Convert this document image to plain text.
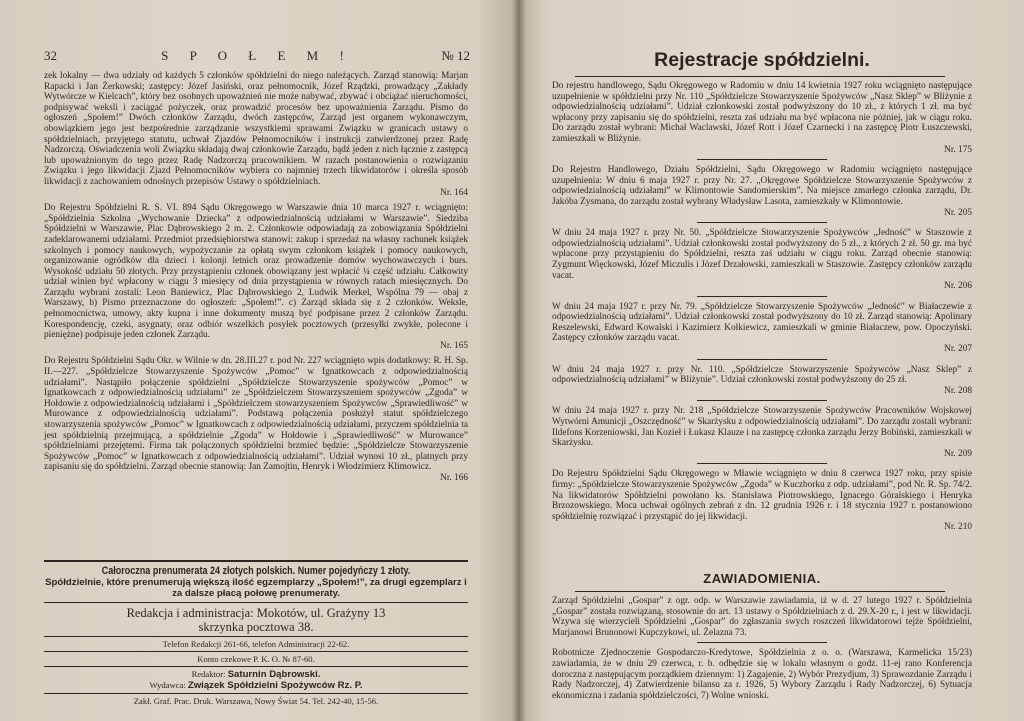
32	S P O Ł E M !	№ 12

zek lokalny — dwa udziały od każdych 5 członków spółdzielni do niego należących. Zarząd stanowią: Marjan Rapacki i Jan Żerkowski; zastępcy: Józef Jasiński, oraz pełnomocnik, Józef Rządzki, prowadzący „Zakłady Wytwórcze w Kielcach”, który bez osobnych upoważnień nie może nabywać, zbywać i obciążać nieruchomości, podpisywać weksli i zaciągać pożyczek, oraz prowadzić procesów bez upoważnienia Zarządu. Pismo do ogłoszeń „Społem!” Dwóch członków Zarządu, dwóch zastępców, Zarząd jest organem wykonawczym, obowiązkiem jego jest bezpośrednie zarządzanie wszystkiemi sprawami Związku w granicach ustawy o spółdzielniach, przyjętego statutu, uchwał Zjazdów Pełnomocników i instrukcji zatwierdzonej przez Radę Nadzorczą. Oświadczenia woli Związku składają dwaj członkowie Zarządu, bądź jeden z nich łącznie z zastępcą lub upoważnionym do tego przez Radę Nadzorczą pracownikiem. W razach postanowienia o rozwiązaniu Związku i jego likwidacji Zjazd Pełnomocników wybiera co najmniej trzech likwidatorów i określa sposób likwidacji z zachowaniem odnośnych przepisów Ustawy o spółdzielniach.

Nr. 164

Do Rejestru Spółdzielni R. S. VI. 894 Sądu Okręgowego w Warszawie dnia 10 marca 1927 r. wciągnięto: „Spółdzielnia Szkolna „Wychowanie Dziecka” z odpowiedzialnością udziałami w Warszawie”. Siedziba Spółdzielni w Warszawie, Plac Dąbrowskiego 2 m. 2. Członkowie odpowiadają za zobowiązania Spółdzielni zadeklarowanemi udziałami. Przedmiot przedsiębiorstwa stanowi: zakup i sprzedaż na własny rachunek książek szkolnych i pomocy naukowych, wypożyczanie za opłatą swym członkom książek i pomocy naukowych, organizowanie ogródków dla dzieci i kolonji letnich oraz prowadzenie domów wychowawczych i burs. Wysokość udziału 50 złotych. Przy przystąpieniu członek obowiązany jest wpłacić ¼ część udziału. Całkowity udział winien być wpłacony w ciągu 3 miesięcy od dnia przystąpienia w równych ratach miesięcznych. Do Zarządu wybrani zostali: Leon Baniewicz, Plac Dąbrowskiego 2, Ludwik Merkel, Wspólna 79 — obaj z Warszawy, b) Pismo przeznaczone do ogłoszeń: „Społem!”. c) Zarząd składa się z 2 członków. Weksle, pełnomocnictwa, umowy, akty kupna i inne dokumenty muszą być podpisane przez 2 członków Zarządu. Korespondencję, czeki, asygnaty, oraz odbiór wszelkich posyłek pocztowych (przesyłki zwykłe, polecone i pieniężne) podpisuje jeden członek Zarządu.

Nr. 165

Do Rejestru Spółdzielni Sądu Okr. w Wilnie w dn. 28.III.27 r. pod Nr. 227 wciągnięto wpis dodatkowy: R. H. Sp. II.—227. „Spółdzielcze Stowarzyszenie Spożywców „Pomoc” w Ignatkowcach z odpowiedzialnością udziałami”. Nastąpiło połączenie spółdzielni „Spółdzielcze Stowarzyszenie spożywców „Pomoc” w Ignatkowcach z odpowiedzialnością udziałami” ze „Spółdzielczem Stowarzyszeniem spożywców „Zgoda” w Hołdowie z odpowiedzialnością udziałami i „Spółdzielczem stowarzyszeniem Spożywców „Sprawiedliwość” w Murowance z odpowiedzialnością udziałami”. Podstawą połączenia posłużył statut spółdzielczego stowarzyszenia spożywców „Pomoc” w Ignatkowcach z odpowiedzialnością udziałami, przyczem spółdzielnia ta jest spółdzielnią przejmującą, a spółdzielnie „Zgoda” w Hołdowie i „Sprawiedliwość” w Murowance” spółdzielniami przejętemi. Firma tak połączonych spółdzielni brzmieć będzie: „Spółdzielcze Stowarzyszenie Spożywców „Pomoc” w Ignatkowcach z odpowiedzialnością udziałami”. Udział wynosi 10 zł., platnych przy zapisaniu się do spółdzielni. Zarząd obecnie stanowią: Jan Zamojtin, Henryk i Włodzimierz Klimowicz.

Nr. 166
Całoroczna prenumerata 24 złotych polskich. Numer pojedyńczy 1 złoty.
Spółdzielnie, które prenumerują większą ilość egzemplarzy „Społem!”, za drugi egzemplarz i za dalsze płacą połowę prenumeraty.
Redakcja i administracja: Mokotów, ul. Grażyny 13
skrzynka pocztowa 38.
Telefon Redakcji 261-66, telefon Administracji 22-62.
Konto czekowe P. K. O. № 87-60.
Redaktor: Saturnin Dąbrowski.
Wydawca: Związek Spółdzielni Spożywców Rz. P.
Zakł. Graf. Prac. Druk. Warszawa, Nowy Świat 54. Tel. 242-40, 15-56.
Rejestracje spółdzielni.

Do rejestru handlowego, Sądu Okręgowego w Radomiu w dniu 14 kwietnia 1927 roku wciągnięto następujące uzupełnienie w spółdzielni przy Nr. 110 „Spółdzielcze Stowarzyszenie Spożywców „Nasz Sklep” w Bliżynie z odpowiedzialnością udziałami”. Udział członkowski został podwyższony do 10 zł., z których 1 zł. ma być wpłacony przy zapisaniu się do spółdzielni, reszta zaś udziału ma być wpłacona nie później, jak w ciągu roku. Do zarządu został wybrani: Michał Waclawski, Józef Rott i Józef Czarnecki i na zastępcę Piotr Łuszczewski, zamieszkali w Bliżynie.

Nr. 175

Do Rejestru Handlowego, Działu Spółdzielni, Sądu Okręgowego w Radomiu wciągnięto następujące uzupełnienia: W dniu 6 maja 1927 r. przy Nr. 27. „Okręgowe Spółdzielcze Stowarzyszenie Spożywców z odpowiedzialnością udziałami” w Klimontowie Sandomierskim”. Na miejsce zmarłego członka zarządu, Dr. Jakóba Zysmana, do zarządu został wybrany Władysław Lasota, zamieszkały w Klimontowie.

Nr. 205

W dniu 24 maja 1927 r. przy Nr. 50. „Spółdzielcze Stowarzyszenie Spożywców „Jedność” w Staszowie z odpowiedzialnością udziałami”. Udział członkowski został podwyższony do 5 zł., z których 2 zł. 50 gr. ma być wpłacone przy przystąpieniu do Spółdzielni, reszta zaś udziału w ciągu roku. Zarząd obecnie stanowią: Zygmunt Więckowski, Józef Miczulis i Józef Drzałowski, zamieszkali w Staszowie. Zastępcy członków zarządu vacat.

Nr. 206

W dniu 24 maja 1927 r. przy Nr. 79. „Spółdzielcze Stowarzyszenie Spożywców „Jedność” w Białaczewie z odpowiedzialnością udziałami”. Udział członkowski został podwyższony do 10 zł. Zarząd stanowią: Apolinary Reszelewski, Edward Kowalski i Kazimierz Kołkiewicz, zamieszkali w gminie Białaczew, pow. Opoczyński. Zastępcy członków zarządu vacat.

Nr. 207

W dniu 24 maja 1927 r. przy Nr. 110. „Spółdzielcze Stowarzyszenie Spożywców „Nasz Sklep” z odpowiedzialnością udziałami” w Bliżynie”. Udział członkowski został podwyższony do 25 zł.

Nr. 208

W dniu 24 maja 1927 r. przy Nr. 218 „Spółdzielcze Stowarzyszenie Spożywców Pracowników Wojskowej Wytwórni Amunicji „Oszczędność” w Skarżysku z odpowiedzialnością udziałami”. Do zarządu zostali wybrani: Ildefons Korzeniowski, Jan Kozieł i Łukasz Klauze i na zastępcę członka zarządu Jerzy Bobiński, zamieszkali w Skarżysku.

Nr. 209

Do Rejestru Spółdzielni Sądu Okręgowego w Mławie wciągnięto w dniu 8 czerwca 1927 roku, przy spisie firmy: „Spółdzielcze Stowarzyszenie Spożywców „Zgoda” w Kuczborku z odp. udziałami”, pod Nr. R. Sp. 74/2. Na likwidatorów Spółdzielni powołano ks. Stanisława Piotrowskiego, Ignacego Góralskiego i Henryka Brzozowskiego. Moca uchwał ogólnych zebrań z dn. 12 grudnia 1926 r. i 18 stycznia 1927 r. postanowiono spółdzielnię rozwiązać i przystąpić do jej likwidacji.

Nr. 210
ZAWIADOMIENIA.

Zarząd Spółdzielni „Gospar” z ogr. odp. w Warszawie zawiadamia, iż w d. 27 lutego 1927 r. Spółdzielnia „Gospar” została rozwiązaną, stosownie do art. 13 ustawy o Spółdzielniach z d. 29.X-20 r., i jest w likwidacji. Wzywa się wierzycieli Spółdzielni „Gospar” do zgłaszania swych roszczeń likwidatorowi tejże Spółdzielni, Marjanowi Brunonowi Kupczykowi, ul. Żelazna 73.

Robotnicze Zjednoczenie Gospodarczo-Kredytowe, Spółdzielnia z o. o. (Warszawa, Karmelicka 15/23) zawiadamia, że w dniu 29 czerwca, r. b. odbędzie się w lokalu własnym o godz. 11-ej rano Konferencja doroczna z następującym porządkiem dziennym: 1) Zagajenie, 2) Wybór Prezydjum, 3) Sprawozdanie Zarządu i Rady Nadzorczej, 4) Zatwierdzenie bilansu za r. 1926, 5) Wybory Zarządu i Rady Nadzorczej, 6) Sytuacja ekonomiczna i zadania spółdzielczości, 7) Wolne wnioski.
